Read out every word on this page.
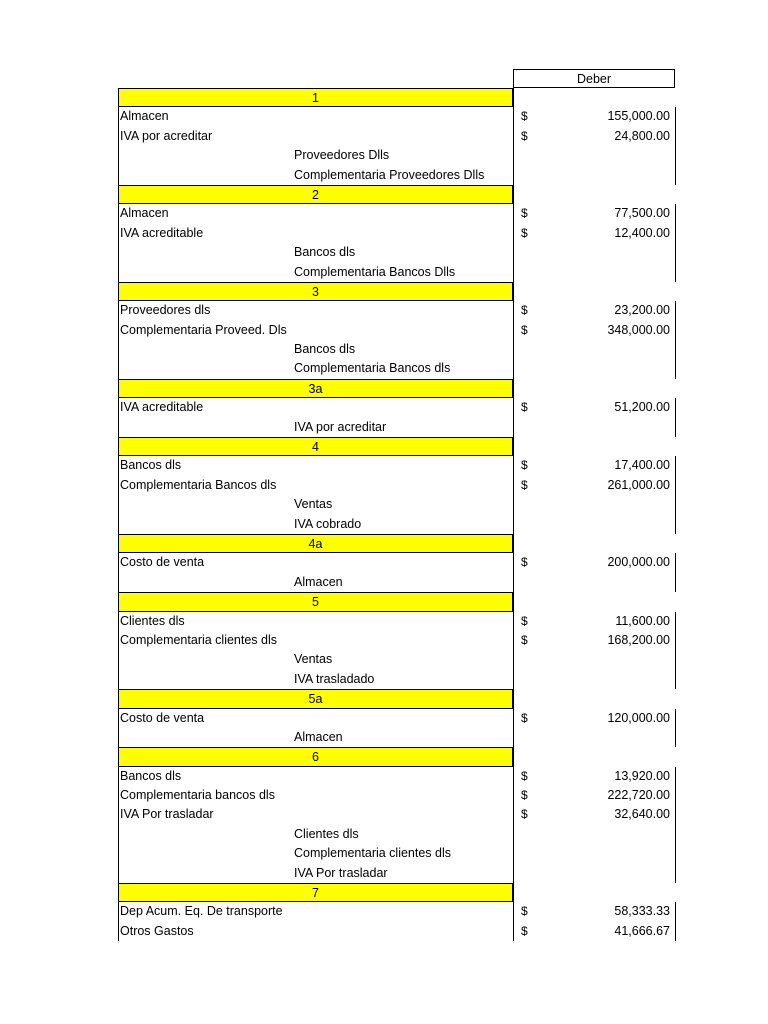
Deber
1
Almacen	$	155,000.00
IVA por acreditar	$	24,800.00
Proveedores Dlls
Complementaria Proveedores Dlls
2
Almacen	$	77,500.00
IVA acreditable	$	12,400.00
Bancos dls
Complementaria Bancos Dlls
3
Proveedores dls	$	23,200.00
Complementaria Proveed. Dls	$	348,000.00
Bancos dls
Complementaria Bancos dls
3a
IVA acreditable	$	51,200.00
IVA por acreditar
4
Bancos dls	$	17,400.00
Complementaria Bancos dls	$	261,000.00
Ventas
IVA cobrado
4a
Costo de venta	$	200,000.00
Almacen
5
Clientes dls	$	11,600.00
Complementaria clientes dls	$	168,200.00
Ventas
IVA trasladado
5a
Costo de venta	$	120,000.00
Almacen
6
Bancos dls	$	13,920.00
Complementaria bancos dls	$	222,720.00
IVA Por trasladar	$	32,640.00
Clientes dls
Complementaria clientes dls
IVA Por trasladar
7
Dep Acum. Eq. De transporte	$	58,333.33
Otros Gastos	$	41,666.67
